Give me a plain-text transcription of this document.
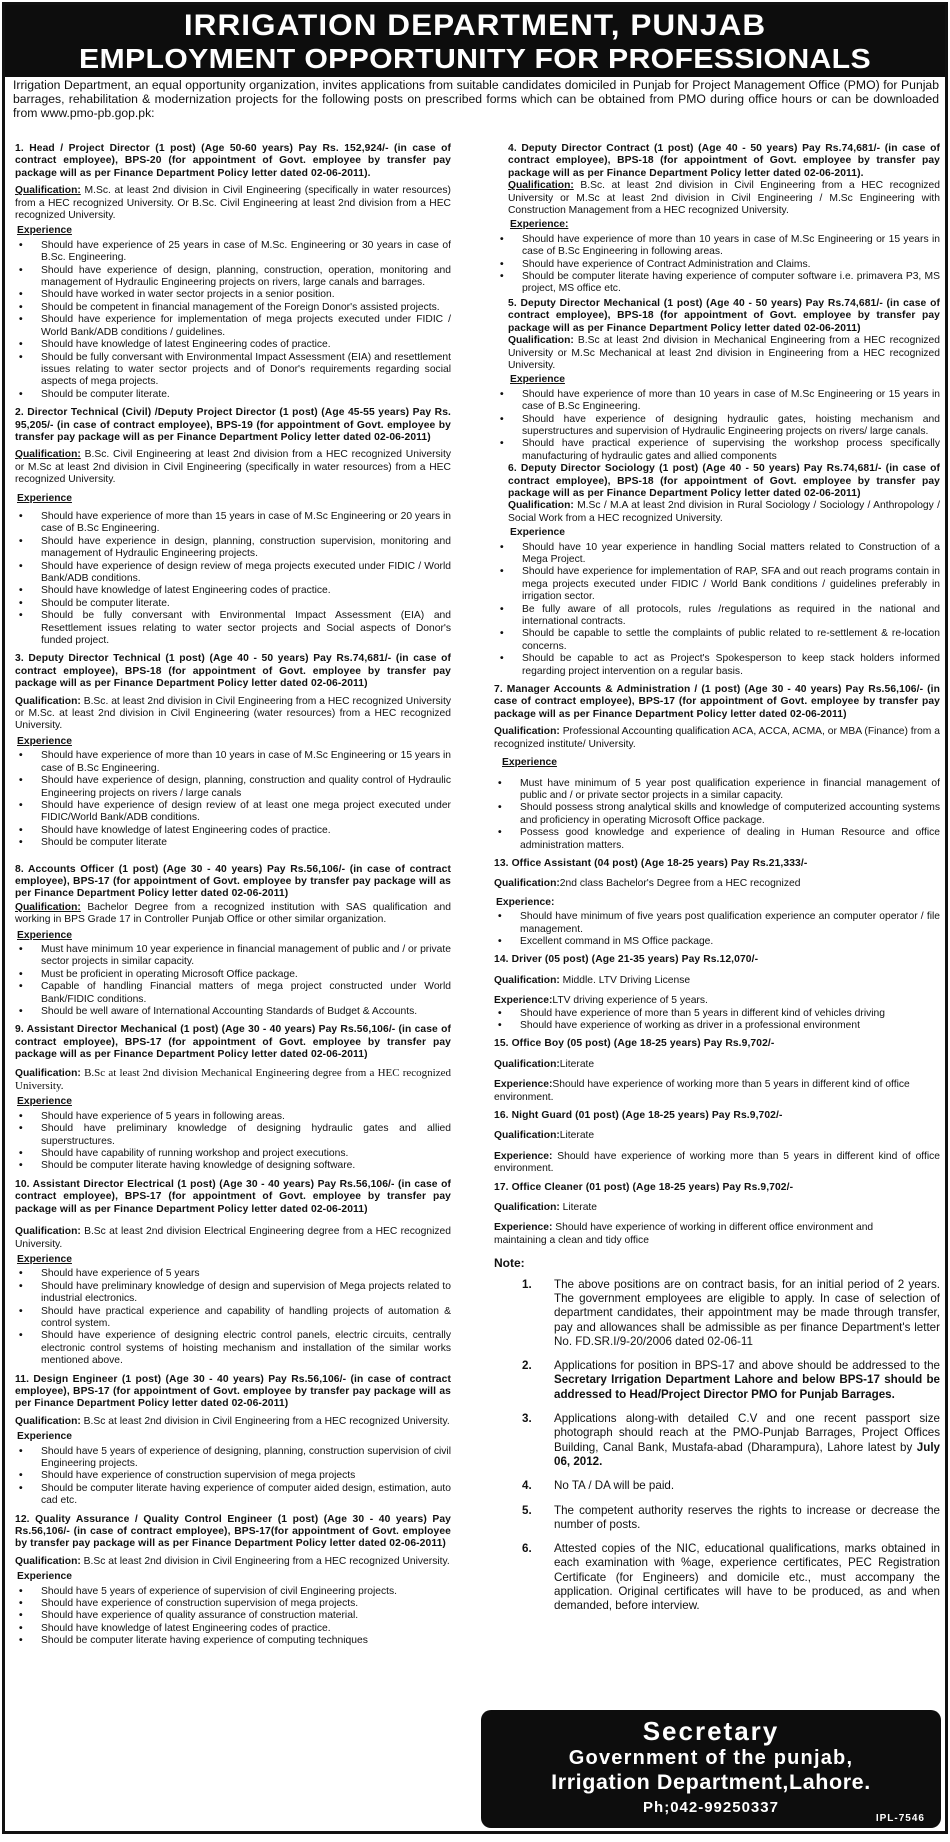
IRRIGATION DEPARTMENT, PUNJAB
EMPLOYMENT OPPORTUNITY FOR PROFESSIONALS
Irrigation Department, an equal opportunity organization, invites applications from suitable candidates domiciled in Punjab for Project Management Office (PMO) for Punjab barrages, rehabilitation & modernization projects for the following posts on prescribed forms which can be obtained from PMO during office hours or can be downloaded from www.pmo-pb.gop.pk:
1. Head / Project Director (1 post) (Age 50-60 years) Pay Rs. 152,924/- (in case of contract employee), BPS-20 (for appointment of Govt. employee by transfer pay package will as per Finance Department Policy letter dated 02-06-2011).
Qualification: M.Sc. at least 2nd division in Civil Engineering (specifically in water resources) from a HEC recognized University. Or B.Sc. Civil Engineering at least 2nd division from a HEC recognized University.
Experience
• Should have experience of 25 years in case of M.Sc. Engineering or 30 years in case of B.Sc. Engineering.
• Should have experience of design, planning, construction, operation, monitoring and management of Hydraulic Engineering projects on rivers, large canals and barrages.
• Should have worked in water sector projects in a senior position.
• Should be competent in financial management of the Foreign Donor's assisted projects.
• Should have experience for implementation of mega projects executed under FIDIC / World Bank/ADB conditions / guidelines.
• Should have knowledge of latest Engineering codes of practice.
• Should be fully conversant with Environmental Impact Assessment (EIA) and resettlement issues relating to water sector projects and of Donor's requirements regarding social aspects of mega projects.
• Should be computer literate.
2. Director Technical (Civil) /Deputy Project Director (1 post) (Age 45-55 years) Pay Rs. 95,205/- (in case of contract employee), BPS-19 (for appointment of Govt. employee by transfer pay package will as per Finance Department Policy letter dated 02-06-2011)
Qualification: B.Sc. Civil Engineering at least 2nd division from a HEC recognized University or M.Sc at least 2nd division in Civil Engineering (specifically in water resources) from a HEC recognized University.
Experience
• Should have experience of more than 15 years in case of M.Sc Engineering or 20 years in case of B.Sc Engineering.
• Should have experience in design, planning, construction supervision, monitoring and management of Hydraulic Engineering projects.
• Should have experience of design review of mega projects executed under FIDIC / World Bank/ADB conditions.
• Should have knowledge of latest Engineering codes of practice.
• Should be computer literate.
• Should be fully conversant with Environmental Impact Assessment (EIA) and Resettlement issues relating to water sector projects and Social aspects of Donor's funded project.
3. Deputy Director Technical (1 post) (Age 40 - 50 years) Pay Rs.74,681/- (in case of contract employee), BPS-18 (for appointment of Govt. employee by transfer pay package will as per Finance Department Policy letter dated 02-06-2011)
Qualification: B.Sc. at least 2nd division in Civil Engineering from a HEC recognized University or M.Sc. at least 2nd division in Civil Engineering (water resources) from a HEC recognized University.
Experience
• Should have experience of more than 10 years in case of M.Sc Engineering or 15 years in case of B.Sc Engineering.
• Should have experience of design, planning, construction and quality control of Hydraulic Engineering projects on rivers / large canals
• Should have experience of design review of at least one mega project executed under FIDIC/World Bank/ADB conditions.
• Should have knowledge of latest Engineering codes of practice.
• Should be computer literate
8. Accounts Officer (1 post) (Age 30 - 40 years) Pay Rs.56,106/- (in case of contract employee), BPS-17 (for appointment of Govt. employee by transfer pay package will as per Finance Department Policy letter dated 02-06-2011)
Qualification: Bachelor Degree from a recognized institution with SAS qualification and working in BPS Grade 17 in Controller Punjab Office or other similar organization.
Experience
• Must have minimum 10 year experience in financial management of public and / or private sector projects in similar capacity.
• Must be proficient in operating Microsoft Office package.
• Capable of handling Financial matters of mega project constructed under World Bank/FIDIC conditions.
• Should be well aware of International Accounting Standards of Budget & Accounts.
9. Assistant Director Mechanical (1 post) (Age 30 - 40 years) Pay Rs.56,106/- (in case of contract employee), BPS-17 (for appointment of Govt. employee by transfer pay package will as per Finance Department Policy letter dated 02-06-2011)
Qualification: B.Sc at least 2nd division Mechanical Engineering degree from a HEC recognized University.
Experience
• Should have experience of 5 years in following areas.
• Should have preliminary knowledge of designing hydraulic gates and allied superstructures.
• Should have capability of running workshop and project executions.
• Should be computer literate having knowledge of designing software.
10. Assistant Director Electrical (1 post) (Age 30 - 40 years) Pay Rs.56,106/- (in case of contract employee), BPS-17 (for appointment of Govt. employee by transfer pay package will as per Finance Department Policy letter dated 02-06-2011)
Qualification: B.Sc at least 2nd division Electrical Engineering degree from a HEC recognized University.
Experience
• Should have experience of 5 years
• Should have preliminary knowledge of design and supervision of Mega projects related to industrial electronics.
• Should have practical experience and capability of handling projects of automation & control system.
• Should have experience of designing electric control panels, electric circuits, centrally electronic control systems of hoisting mechanism and installation of the similar works mentioned above.
11. Design Engineer (1 post) (Age 30 - 40 years) Pay Rs.56,106/- (in case of contract employee), BPS-17 (for appointment of Govt. employee by transfer pay package will as per Finance Department Policy letter dated 02-06-2011)
Qualification: B.Sc at least 2nd division in Civil Engineering from a HEC recognized University.
Experience
• Should have 5 years of experience of designing, planning, construction supervision of civil Engineering projects.
• Should have experience of construction supervision of mega projects
• Should be computer literate having experience of computer aided design, estimation, auto cad etc.
12. Quality Assurance / Quality Control Engineer (1 post) (Age 30 - 40 years) Pay Rs.56,106/- (in case of contract employee), BPS-17(for appointment of Govt. employee by transfer pay package will as per Finance Department Policy letter dated 02-06-2011)
Qualification: B.Sc at least 2nd division in Civil Engineering from a HEC recognized University.
Experience
• Should have 5 years of experience of supervision of civil Engineering projects.
• Should have experience of construction supervision of mega projects.
• Should have experience of quality assurance of construction material.
• Should have knowledge of latest Engineering codes of practice.
• Should be computer literate having experience of computing techniques
4. Deputy Director Contract (1 post) (Age 40 - 50 years) Pay Rs.74,681/- (in case of contract employee), BPS-18 (for appointment of Govt. employee by transfer pay package will as per Finance Department Policy letter dated 02-06-2011).
Qualification: B.Sc. at least 2nd division in Civil Engineering from a HEC recognized University or M.Sc at least 2nd division in Civil Engineering / M.Sc Engineering with Construction Management from a HEC recognized University.
Experience:
• Should have experience of more than 10 years in case of M.Sc Engineering or 15 years in case of B.Sc Engineering in following areas.
• Should have experience of Contract Administration and Claims.
• Should be computer literate having experience of computer software i.e. primavera P3, MS project, MS office etc.
5. Deputy Director Mechanical (1 post) (Age 40 - 50 years) Pay Rs.74,681/- (in case of contract employee), BPS-18 (for appointment of Govt. employee by transfer pay package will as per Finance Department Policy letter dated 02-06-2011)
Qualification: B.Sc at least 2nd division in Mechanical Engineering from a HEC recognized University or M.Sc Mechanical at least 2nd division in Engineering from a HEC recognized University.
Experience
• Should have experience of more than 10 years in case of M.Sc Engineering or 15 years in case of B.Sc Engineering.
• Should have experience of designing hydraulic gates, hoisting mechanism and superstructures and supervision of Hydraulic Engineering projects on rivers/ large canals.
• Should have practical experience of supervising the workshop process specifically manufacturing of hydraulic gates and allied components
6. Deputy Director Sociology (1 post) (Age 40 - 50 years) Pay Rs.74,681/- (in case of contract employee), BPS-18 (for appointment of Govt. employee by transfer pay package will as per Finance Department Policy letter dated 02-06-2011)
Qualification: M.Sc / M.A at least 2nd division in Rural Sociology / Sociology / Anthropology / Social Work from a HEC recognized University.
Experience
• Should have 10 year experience in handling Social matters related to Construction of a Mega Project.
• Should have experience for implementation of RAP, SFA and out reach programs contain in mega projects executed under FIDIC / World Bank conditions / guidelines preferably in irrigation sector.
• Be fully aware of all protocols, rules /regulations as required in the national and international contracts.
• Should be capable to settle the complaints of public related to re-settlement & re-location concerns.
• Should be capable to act as Project's Spokesperson to keep stack holders informed regarding project intervention on a regular basis.
7. Manager Accounts & Administration / (1 post) (Age 30 - 40 years) Pay Rs.56,106/- (in case of contract employee), BPS-17 (for appointment of Govt. employee by transfer pay package will as per Finance Department Policy letter dated 02-06-2011)
Qualification: Professional Accounting qualification ACA, ACCA, ACMA, or MBA (Finance) from a recognized institute/ University.
Experience
• Must have minimum of 5 year post qualification experience in financial management of public and / or private sector projects in a similar capacity.
• Should possess strong analytical skills and knowledge of computerized accounting systems and proficiency in operating Microsoft Office package.
• Possess good knowledge and experience of dealing in Human Resource and office administration matters.
13. Office Assistant (04 post) (Age 18-25 years) Pay Rs.21,333/-
Qualification:2nd class Bachelor's Degree from a HEC recognized
Experience:
• Should have minimum of five years post qualification experience an computer operator / file management.
• Excellent command in MS Office package.
14. Driver (05 post) (Age 21-35 years) Pay Rs.12,070/-
Qualification: Middle. LTV Driving License
Experience:LTV driving experience of 5 years.
• Should have experience of more than 5 years in different kind of vehicles driving
• Should have experience of working as driver in a professional environment
15. Office Boy (05 post) (Age 18-25 years) Pay Rs.9,702/-
Qualification:Literate
Experience:Should have experience of working more than 5 years in different kind of office environment.
16. Night Guard (01 post) (Age 18-25 years) Pay Rs.9,702/-
Qualification:Literate
Experience: Should have experience of working more than 5 years in different kind of office environment.
17. Office Cleaner (01 post) (Age 18-25 years) Pay Rs.9,702/-
Qualification: Literate
Experience: Should have experience of working in different office environment and maintaining a clean and tidy office
Note:
1. The above positions are on contract basis, for an initial period of 2 years. The government employees are eligible to apply. In case of selection of department candidates, their appointment may be made through transfer, pay and allowances shall be admissible as per finance Department's letter No. FD.SR.I/9-20/2006 dated 02-06-11
2. Applications for position in BPS-17 and above should be addressed to the Secretary Irrigation Department Lahore and below BPS-17 should be addressed to Head/Project Director PMO for Punjab Barrages.
3. Applications along-with detailed C.V and one recent passport size photograph should reach at the PMO-Punjab Barrages, Project Offices Building, Canal Bank, Mustafa-abad (Dharampura), Lahore latest by July 06, 2012.
4. No TA / DA will be paid.
5. The competent authority reserves the rights to increase or decrease the number of posts.
6. Attested copies of the NIC, educational qualifications, marks obtained in each examination with %age, experience certificates, PEC Registration Certificate (for Engineers) and domicile etc., must accompany the application. Original certificates will have to be produced, as and when demanded, before interview.
Secretary
Government of the punjab,
Irrigation Department,Lahore.
Ph;042-99250337
IPL-7546
